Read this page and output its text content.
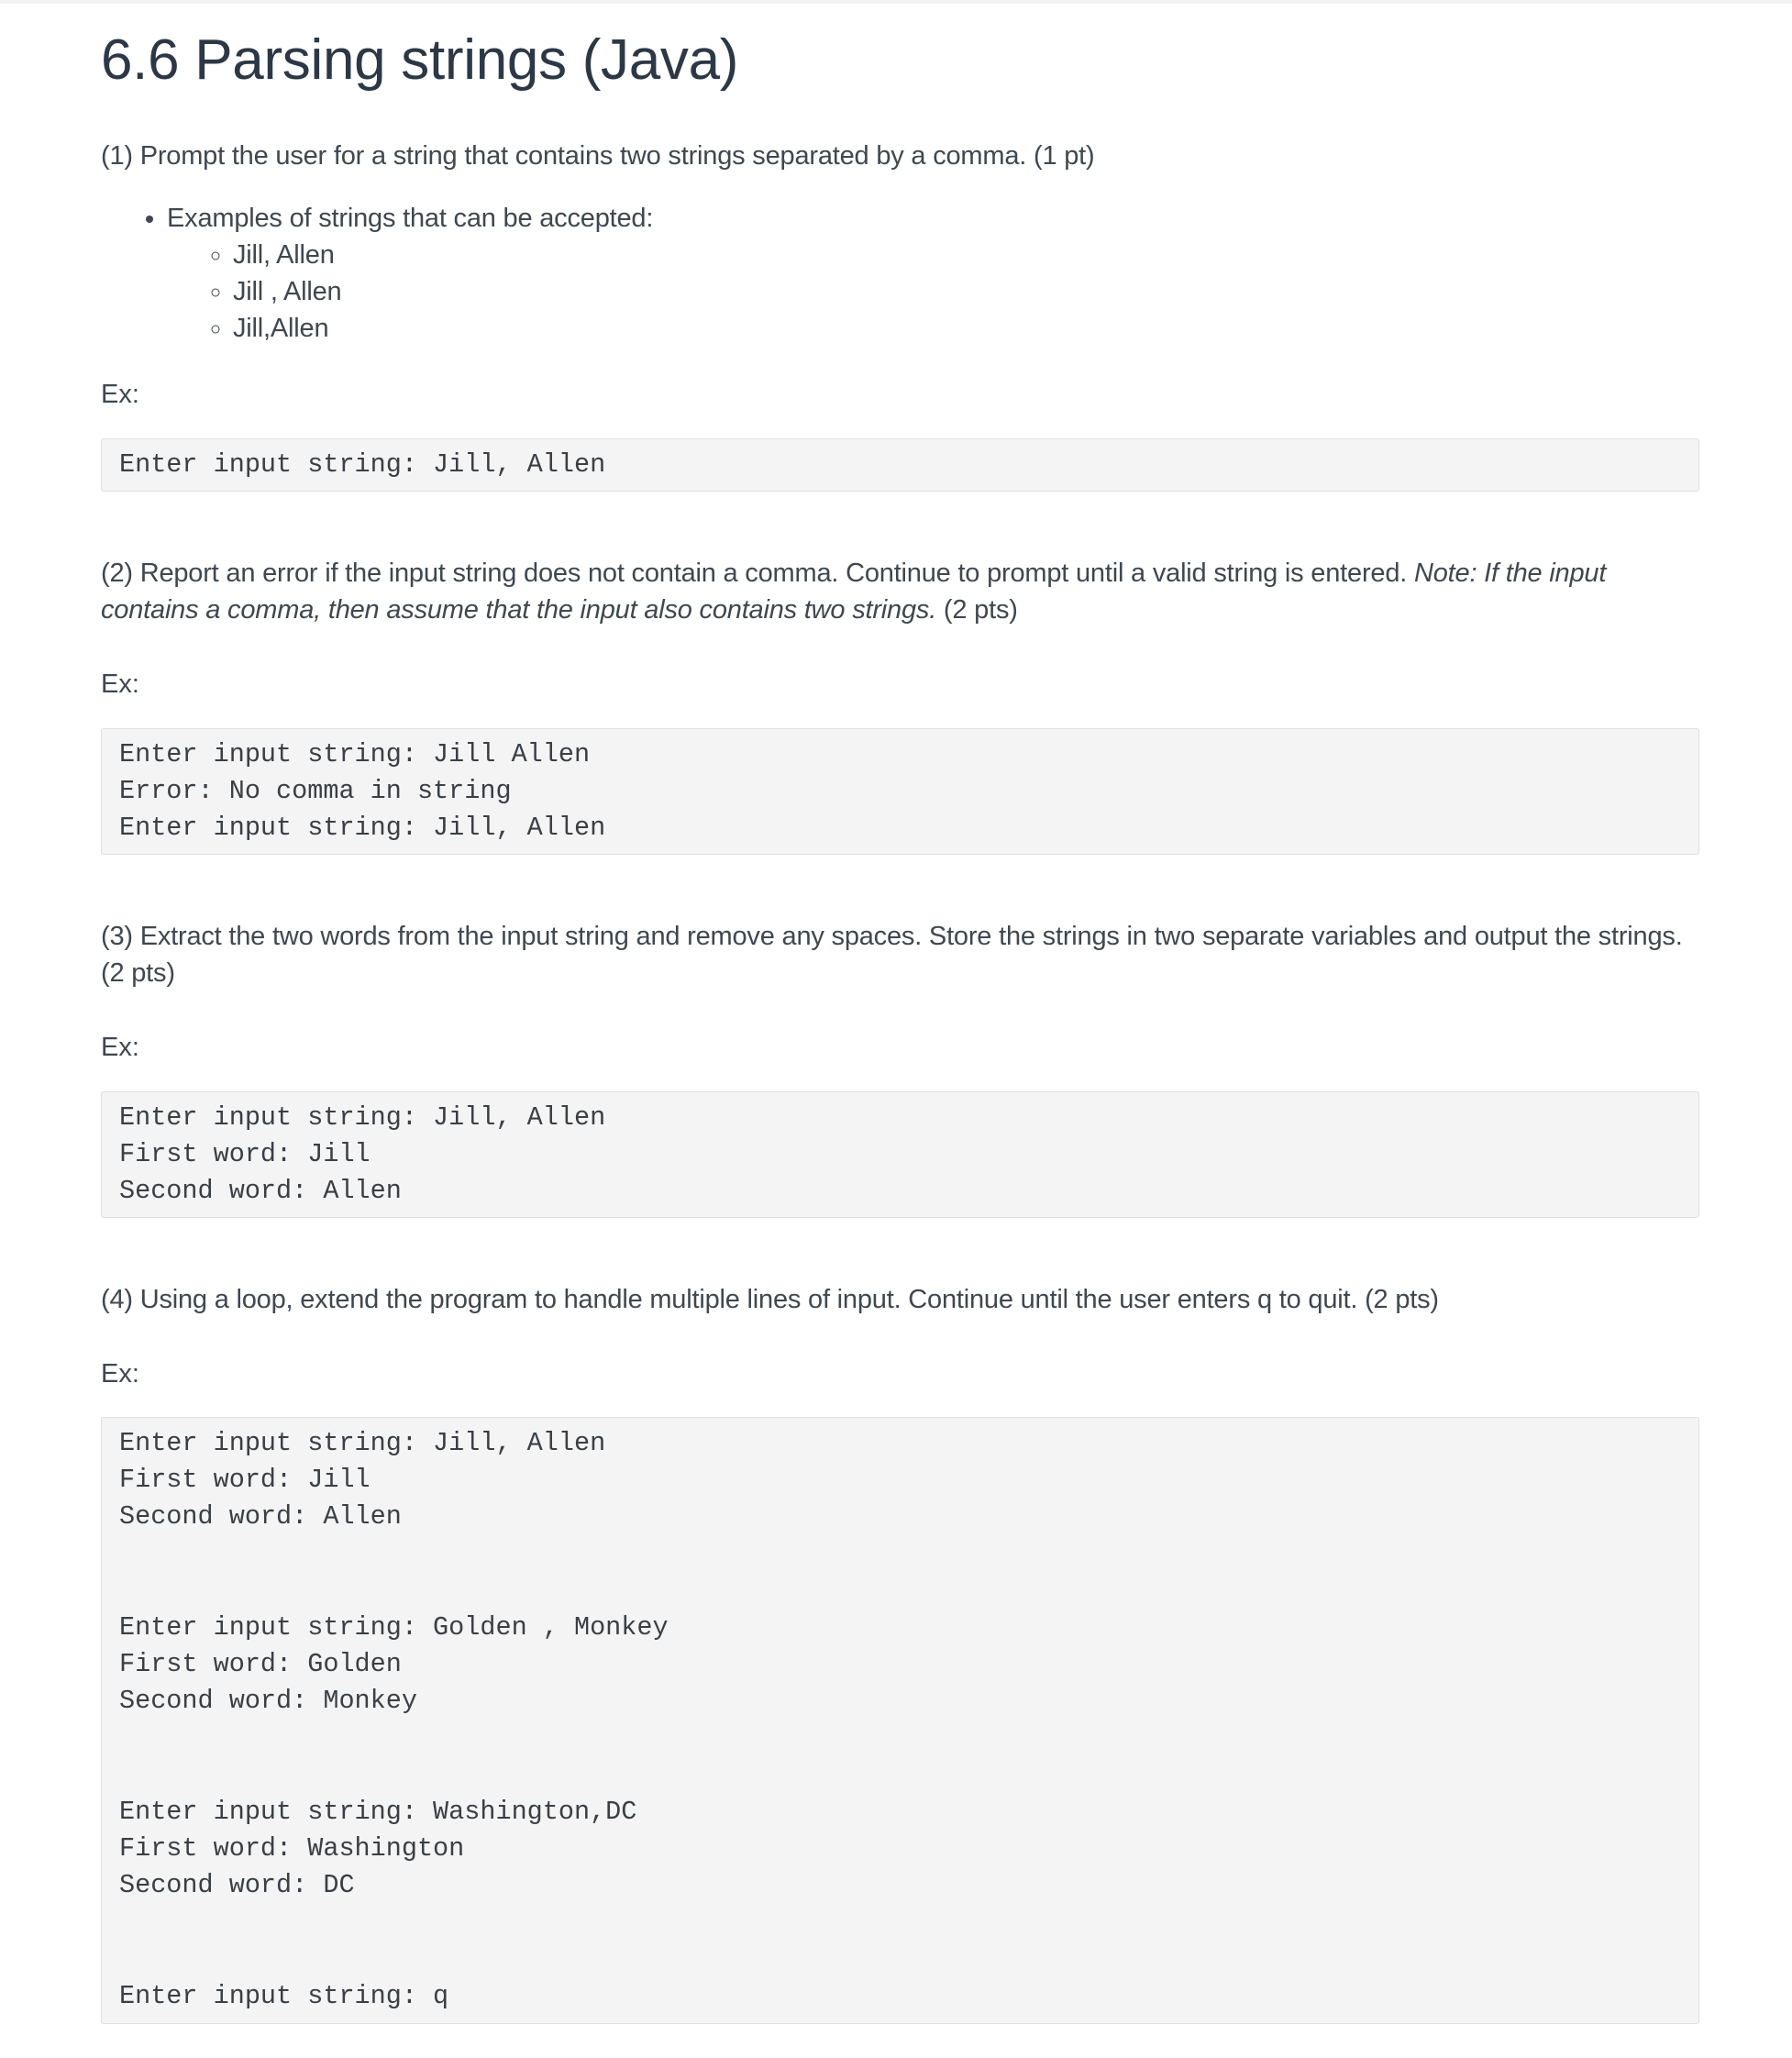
6.6 Parsing strings (Java)

(1) Prompt the user for a string that contains two strings separated by a comma. (1 pt)

• Examples of strings that can be accepted:
◦ Jill, Allen
◦ Jill , Allen
◦ Jill,Allen

Ex:

Enter input string: Jill, Allen

(2) Report an error if the input string does not contain a comma. Continue to prompt until a valid string is entered. Note: If the input contains a comma, then assume that the input also contains two strings. (2 pts)

Ex:

Enter input string: Jill Allen
Error: No comma in string
Enter input string: Jill, Allen

(3) Extract the two words from the input string and remove any spaces. Store the strings in two separate variables and output the strings. (2 pts)

Ex:

Enter input string: Jill, Allen
First word: Jill
Second word: Allen

(4) Using a loop, extend the program to handle multiple lines of input. Continue until the user enters q to quit. (2 pts)

Ex:

Enter input string: Jill, Allen
First word: Jill
Second word: Allen
Enter input string: Golden , Monkey
First word: Golden
Second word: Monkey
Enter input string: Washington,DC
First word: Washington
Second word: DC
Enter input string: q
